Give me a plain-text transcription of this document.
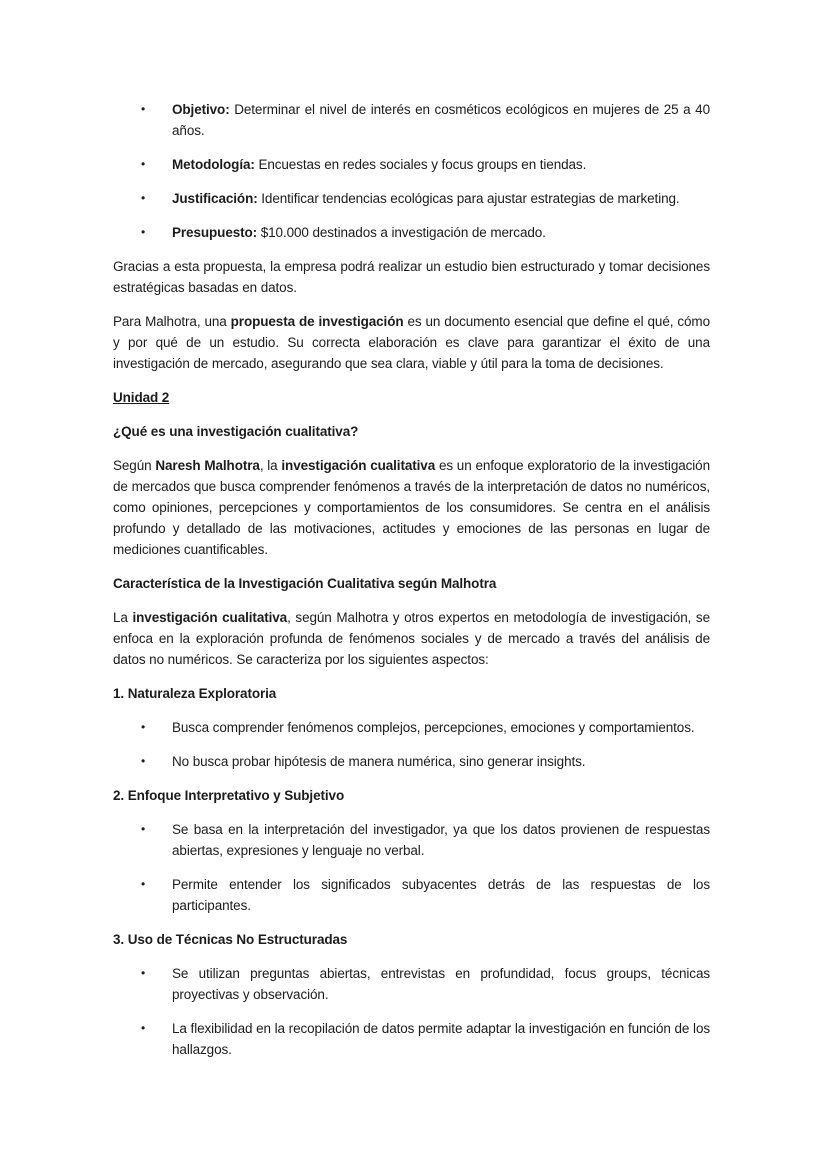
• Objetivo: Determinar el nivel de interés en cosméticos ecológicos en mujeres de 25 a 40 años.
• Metodología: Encuestas en redes sociales y focus groups en tiendas.
• Justificación: Identificar tendencias ecológicas para ajustar estrategias de marketing.
• Presupuesto: $10.000 destinados a investigación de mercado.
Gracias a esta propuesta, la empresa podrá realizar un estudio bien estructurado y tomar decisiones estratégicas basadas en datos.
Para Malhotra, una propuesta de investigación es un documento esencial que define el qué, cómo y por qué de un estudio. Su correcta elaboración es clave para garantizar el éxito de una investigación de mercado, asegurando que sea clara, viable y útil para la toma de decisiones.
Unidad 2
¿Qué es una investigación cualitativa?
Según Naresh Malhotra, la investigación cualitativa es un enfoque exploratorio de la investigación de mercados que busca comprender fenómenos a través de la interpretación de datos no numéricos, como opiniones, percepciones y comportamientos de los consumidores. Se centra en el análisis profundo y detallado de las motivaciones, actitudes y emociones de las personas en lugar de mediciones cuantificables.
Característica de la Investigación Cualitativa según Malhotra
La investigación cualitativa, según Malhotra y otros expertos en metodología de investigación, se enfoca en la exploración profunda de fenómenos sociales y de mercado a través del análisis de datos no numéricos. Se caracteriza por los siguientes aspectos:
1. Naturaleza Exploratoria
• Busca comprender fenómenos complejos, percepciones, emociones y comportamientos.
• No busca probar hipótesis de manera numérica, sino generar insights.
2. Enfoque Interpretativo y Subjetivo
• Se basa en la interpretación del investigador, ya que los datos provienen de respuestas abiertas, expresiones y lenguaje no verbal.
• Permite entender los significados subyacentes detrás de las respuestas de los participantes.
3. Uso de Técnicas No Estructuradas
• Se utilizan preguntas abiertas, entrevistas en profundidad, focus groups, técnicas proyectivas y observación.
• La flexibilidad en la recopilación de datos permite adaptar la investigación en función de los hallazgos.
